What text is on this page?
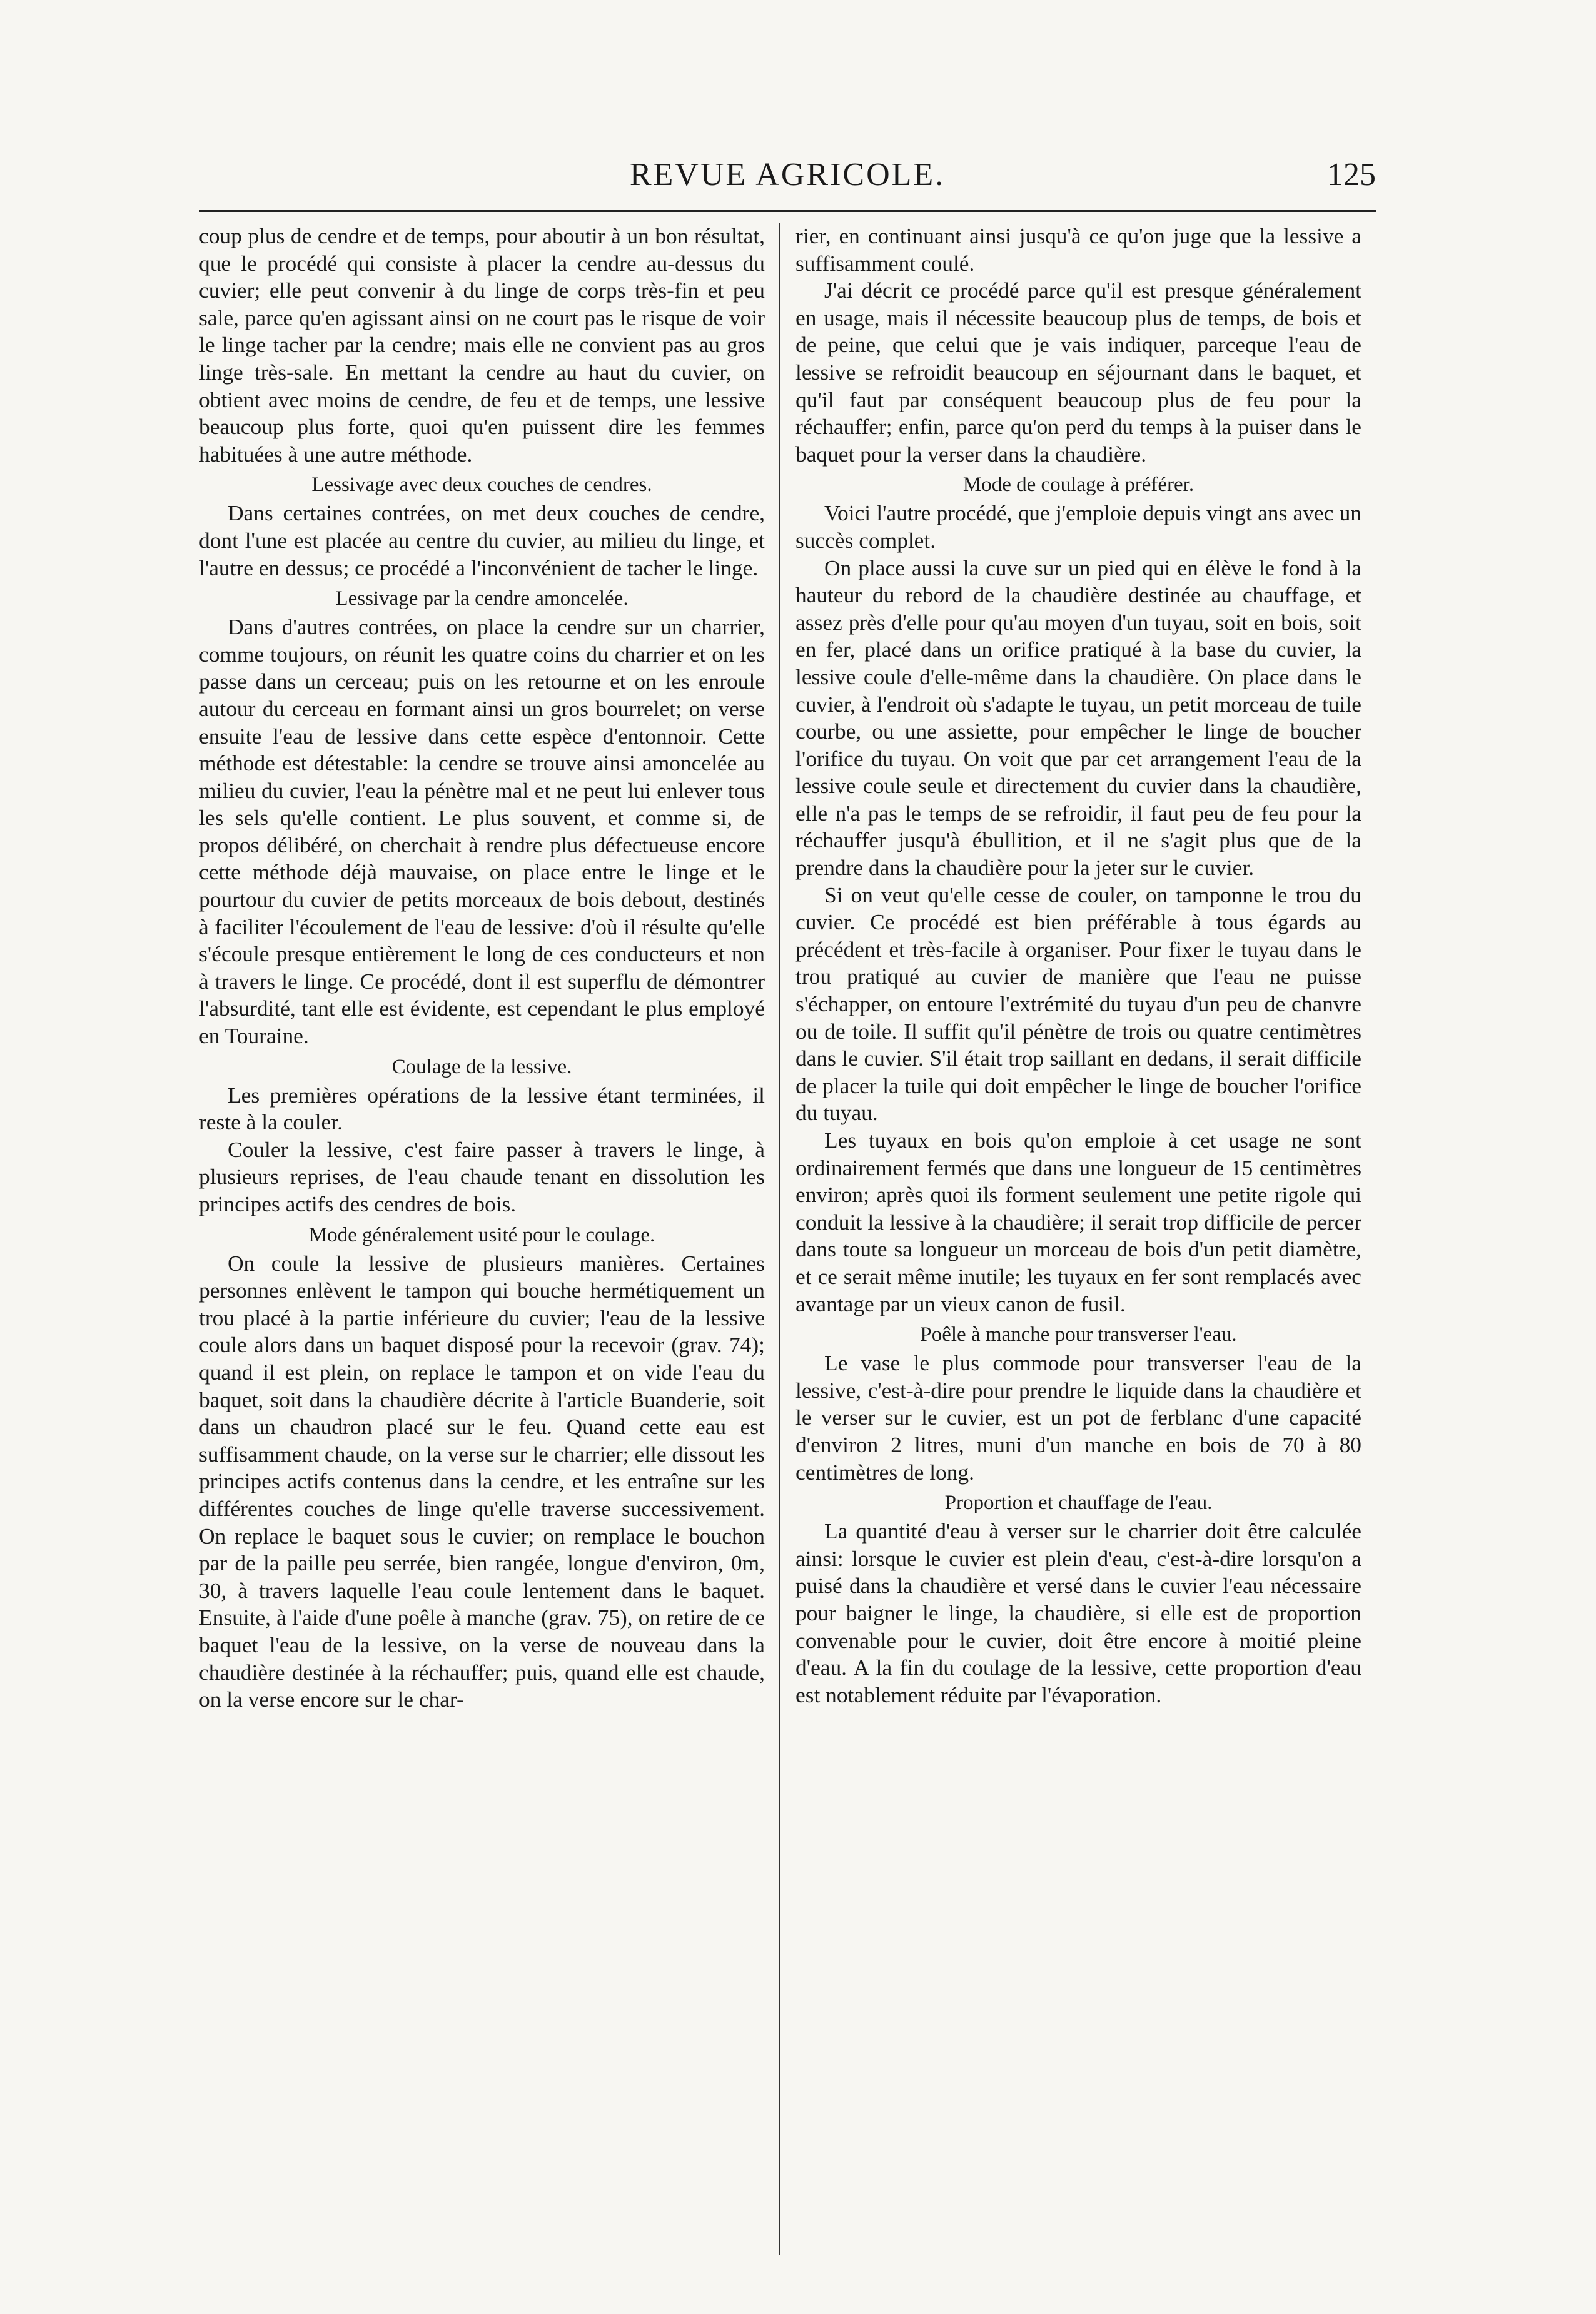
REVUE AGRICOLE.	125

coup plus de cendre et de temps, pour aboutir à un bon résultat, que le procédé qui consiste à placer la cendre au-dessus du cuvier; elle peut convenir à du linge de corps très-fin et peu sale, parce qu'en agissant ainsi on ne court pas le risque de voir le linge tacher par la cendre; mais elle ne convient pas au gros linge très-sale. En mettant la cendre au haut du cuvier, on obtient avec moins de cendre, de feu et de temps, une lessive beaucoup plus forte, quoi qu'en puissent dire les femmes habituées à une autre méthode.

Lessivage avec deux couches de cendres.

Dans certaines contrées, on met deux couches de cendre, dont l'une est placée au centre du cuvier, au milieu du linge, et l'autre en dessus; ce procédé a l'inconvénient de tacher le linge.

Lessivage par la cendre amoncelée.

Dans d'autres contrées, on place la cendre sur un charrier, comme toujours, on réunit les quatre coins du charrier et on les passe dans un cerceau; puis on les retourne et on les enroule autour du cerceau en formant ainsi un gros bourrelet; on verse ensuite l'eau de lessive dans cette espèce d'entonnoir. Cette méthode est détestable: la cendre se trouve ainsi amoncelée au milieu du cuvier, l'eau la pénètre mal et ne peut lui enlever tous les sels qu'elle contient. Le plus souvent, et comme si, de propos délibéré, on cherchait à rendre plus défectueuse encore cette méthode déjà mauvaise, on place entre le linge et le pourtour du cuvier de petits morceaux de bois debout, destinés à faciliter l'écoulement de l'eau de lessive: d'où il résulte qu'elle s'écoule presque entièrement le long de ces conducteurs et non à travers le linge. Ce procédé, dont il est superflu de démontrer l'absurdité, tant elle est évidente, est cependant le plus employé en Touraine.

Coulage de la lessive.

Les premières opérations de la lessive étant terminées, il reste à la couler.

Couler la lessive, c'est faire passer à travers le linge, à plusieurs reprises, de l'eau chaude tenant en dissolution les principes actifs des cendres de bois.

Mode généralement usité pour le coulage.

On coule la lessive de plusieurs manières. Certaines personnes enlèvent le tampon qui bouche hermétiquement un trou placé à la partie inférieure du cuvier; l'eau de la lessive coule alors dans un baquet disposé pour la recevoir (grav. 74); quand il est plein, on replace le tampon et on vide l'eau du baquet, soit dans la chaudière décrite à l'article Buanderie, soit dans un chaudron placé sur le feu. Quand cette eau est suffisamment chaude, on la verse sur le charrier; elle dissout les principes actifs contenus dans la cendre, et les entraîne sur les différentes couches de linge qu'elle traverse successivement. On replace le baquet sous le cuvier; on remplace le bouchon par de la paille peu serrée, bien rangée, longue d'environ, 0m, 30, à travers laquelle l'eau coule lentement dans le baquet. Ensuite, à l'aide d'une poêle à manche (grav. 75), on retire de ce baquet l'eau de la lessive, on la verse de nouveau dans la chaudière destinée à la réchauffer; puis, quand elle est chaude, on la verse encore sur le char-

rier, en continuant ainsi jusqu'à ce qu'on juge que la lessive a suffisamment coulé.

J'ai décrit ce procédé parce qu'il est presque généralement en usage, mais il nécessite beaucoup plus de temps, de bois et de peine, que celui que je vais indiquer, parceque l'eau de lessive se refroidit beaucoup en séjournant dans le baquet, et qu'il faut par conséquent beaucoup plus de feu pour la réchauffer; enfin, parce qu'on perd du temps à la puiser dans le baquet pour la verser dans la chaudière.

Mode de coulage à préférer.

Voici l'autre procédé, que j'emploie depuis vingt ans avec un succès complet.

On place aussi la cuve sur un pied qui en élève le fond à la hauteur du rebord de la chaudière destinée au chauffage, et assez près d'elle pour qu'au moyen d'un tuyau, soit en bois, soit en fer, placé dans un orifice pratiqué à la base du cuvier, la lessive coule d'elle-même dans la chaudière. On place dans le cuvier, à l'endroit où s'adapte le tuyau, un petit morceau de tuile courbe, ou une assiette, pour empêcher le linge de boucher l'orifice du tuyau. On voit que par cet arrangement l'eau de la lessive coule seule et directement du cuvier dans la chaudière, elle n'a pas le temps de se refroidir, il faut peu de feu pour la réchauffer jusqu'à ébullition, et il ne s'agit plus que de la prendre dans la chaudière pour la jeter sur le cuvier.

Si on veut qu'elle cesse de couler, on tamponne le trou du cuvier. Ce procédé est bien préférable à tous égards au précédent et très-facile à organiser. Pour fixer le tuyau dans le trou pratiqué au cuvier de manière que l'eau ne puisse s'échapper, on entoure l'extrémité du tuyau d'un peu de chanvre ou de toile. Il suffit qu'il pénètre de trois ou quatre centimètres dans le cuvier. S'il était trop saillant en dedans, il serait difficile de placer la tuile qui doit empêcher le linge de boucher l'orifice du tuyau.

Les tuyaux en bois qu'on emploie à cet usage ne sont ordinairement fermés que dans une longueur de 15 centimètres environ; après quoi ils forment seulement une petite rigole qui conduit la lessive à la chaudière; il serait trop difficile de percer dans toute sa longueur un morceau de bois d'un petit diamètre, et ce serait même inutile; les tuyaux en fer sont remplacés avec avantage par un vieux canon de fusil.

Poêle à manche pour transverser l'eau.

Le vase le plus commode pour transverser l'eau de la lessive, c'est-à-dire pour prendre le liquide dans la chaudière et le verser sur le cuvier, est un pot de ferblanc d'une capacité d'environ 2 litres, muni d'un manche en bois de 70 à 80 centimètres de long.

Proportion et chauffage de l'eau.

La quantité d'eau à verser sur le charrier doit être calculée ainsi: lorsque le cuvier est plein d'eau, c'est-à-dire lorsqu'on a puisé dans la chaudière et versé dans le cuvier l'eau nécessaire pour baigner le linge, la chaudière, si elle est de proportion convenable pour le cuvier, doit être encore à moitié pleine d'eau. A la fin du coulage de la lessive, cette proportion d'eau est notablement réduite par l'évaporation.
